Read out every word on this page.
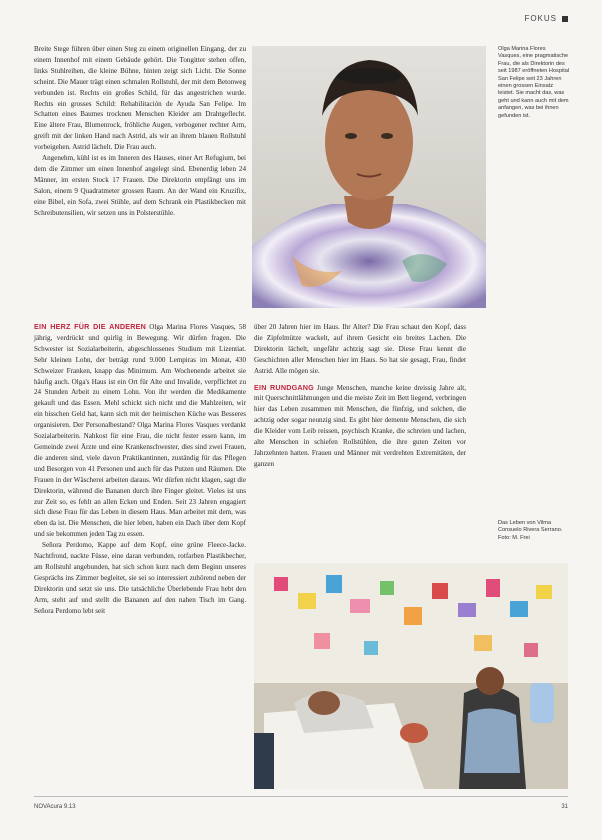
FOKUS

Breite Stege führen über einen Steg zu einem originellen Eingang, der zu einem Innenhof mit einem Gebäude gehört. Die Tongitter stehen offen, links Stuhlreihen, die kleine Bühne, hinten zeigt sich Licht. Die Sonne scheint. Die Mauer trägt einen schmalen Rollstuhl, der mit dem Betonweg verbunden ist. Rechts ein großes Schild, für das angestrichen wurde. Rechts ein grosses Schild: Rehabilitación de Ayuda San Felipe. Im Schatten eines Baumes trocknen Menschen Kleider am Drahtgeflecht. Eine ältere Frau, Blumenrock, fröhliche Augen, verbogener rechter Arm, greift mit der linken Hand nach Astrid, als wir an ihrem blauen Rollstuhl vorbeigehen. Astrid lächelt. Die Frau auch.

Angenehm, kühl ist es im Inneren des Hauses, einer Art Refugium, bei dem die Zimmer um einen Innenhof angelegt sind. Ebenerdig leben 24 Männer, im ersten Stock 17 Frauen. Die Direktorin empfängt uns im Salon, einem 9 Quadratmeter grossen Raum. An der Wand ein Kruzifix, eine Bibel, ein Sofa, zwei Stühle, auf dem Schrank ein Plastikbecken mit Schreibutensilien, wir setzen uns in Polsterstühle.

Olga Marina Flores Vasques, eine pragmatische Frau, die als Direktorin des seit 1987 eröffneten Hospital San Felipe seit 23 Jahren einen grossen Einsatz leistet. Sie macht das, was geht und kann auch mit dem anfangen, was bei ihnen gefunden ist.

EIN HERZ FÜR DIE ANDEREN Olga Marina Flores Vasques, 58 jährig, verdrückt und quirlig in Bewegung. Wir dürfen fragen. Die Schwester ist Sozialarbeiterin, abgeschlossenes Studium mit Lizentiat. Sehr kleinen Lohn, der beträgt rund 9.000 Lempiras im Monat, 430 Schweizer Franken, knapp das Minimum. Am Wochenende arbeitet sie häufig auch. Olga's Haus ist ein Ort für Alte und Invalide, verpflichtet zu 24 Stunden Arbeit zu einem Lohn. Von ihr werden die Medikamente gekauft und das Essen. Mehl schickt sich nicht und die Mahlzeiten, wir ein bisschen Geld hat, kann sich mit der heimischen Küche was Besseres organisieren. Der Personalbestand? Olga Marina Flores Vasques verdankt Sozialarbeiterin. Nahkost für eine Frau, die nicht fester essen kann, im Gemeinde zwei Ärzte und eine Krankenschwester, dies sind zwei Frauen, die anderen sind, viele davon Praktikantinnen, zuständig für das Pflegen und Besorgen von 41 Personen und auch für das Putzen und Räumen. Die Frauen in der Wäscherei arbeiten daraus. Wir dürfen nicht klagen, sagt die Direktorin, während die Bananen durch ihre Finger gleitet. Vieles ist uns zur Zeit so, es fehlt an allen Ecken und Enden. Seit 23 Jahren engagiert sich diese Frau für das Leben in diesem Haus. Man arbeitet mit dem, was eben da ist. Die Menschen, die hier leben, haben ein Dach über dem Kopf und sie bekommen jeden Tag zu essen.

Señora Perdomo, Kappe auf dem Kopf, eine grüne Fleece-Jacke. Nachtfrond, nackte Füsse, eine daran verbunden, rotfarben Plastikbecher, am Rollstuhl angebunden, hat sich schon kurz nach dem Beginn unseres Gesprächs ins Zimmer begleitet, sie sei so interessiert zuhörend neben der Direktorin und setzt sie uns. Die tatsächliche Überlebende Frau hebt den Arm, steht auf und stellt die Bananen auf den nahen Tisch im Gang. Señora Perdomo lebt seit

über 20 Jahren hier im Haus. Ihr Alter? Die Frau schaut den Kopf, dass die Zipfelmütze wackelt, auf ihrem Gesicht ein breites Lachen. Die Direktorin lächelt, ungefähr achtzig sagt sie. Diese Frau kennt die Geschichten aller Menschen hier im Haus. So hat sie gesagt, Frau, findet Astrid. Alle mögen sie.

EIN RUNDGANG Junge Menschen, manche keine dreissig Jahre alt, mit Querschnittlähmungen und die meiste Zeit im Bett liegend, verbringen hier das Leben zusammen mit Menschen, die fünfzig, und solchen, die achtzig oder sogar neunzig sind. Es gibt hier demente Menschen, die sich die Kleider vom Leib reissen, psychisch Kranke, die schreien und lachen, alte Menschen in schiefen Rollstühlen, die ihre guten Zeiten vor Jahrzehnten hatten. Frauen und Männer mit verdrehten Extremitäten, der ganzen

Das Leben von Vilma Consuelo Rivera Serrano. Foto: M. Frei
NOVAcura 9.13	31
